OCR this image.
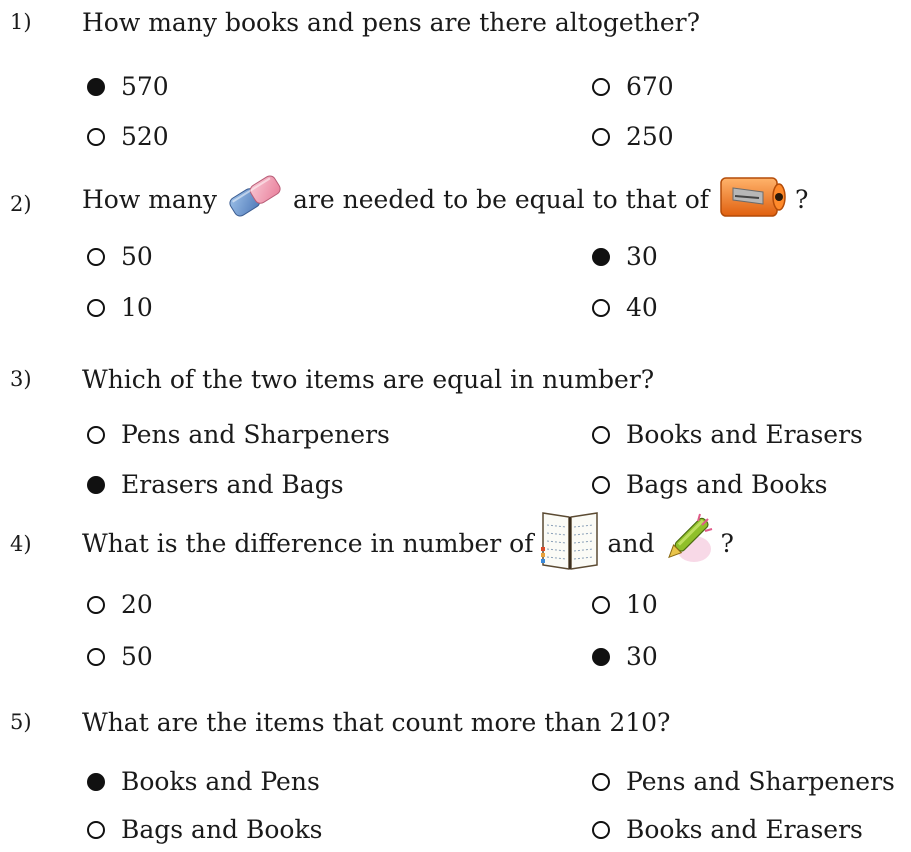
1) How many books and pens are there altogether?
570	670
520	250
2) How many	are needed to be equal to that of	?
50	30
10	40
3) Which of the two items are equal in number?
Pens and Sharpeners	Books and Erasers
Erasers and Bags	Bags and Books
4) What is the difference in number of	and	?
20	10
50	30
5) What are the items that count more than 210?
Books and Pens	Pens and Sharpeners
Bags and Books	Books and Erasers
